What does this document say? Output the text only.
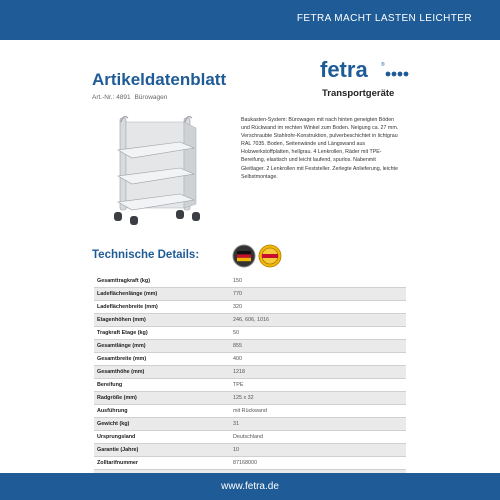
FETRA MACHT LASTEN LEICHTER
Artikeldatenblatt
Art.-Nr.: 4891 Bürowagen
fetra	®
Transportgeräte
Baukasten-System: Bürowagen mit nach hinten geneigten Böden und Rückwand im rechten Winkel zum Boden. Neigung ca. 27 mm. Verschraubte Stahlrohr-Konstruktion, pulverbeschichtet in lichtgrau RAL 7035. Boden, Seitenwände und Längswand aus Holzwerkstoffplatten, hellgrau. 4 Lenkrollen, Räder mit TPE-Bereifung, elastisch und leicht laufend, spurlos. Nabenmit Gleitlager. 2 Lenkrollen mit Feststeller. Zerlegte Anlieferung, leichte Selbstmontage.
Technische Details:
Gesamttragkraft (kg)	150
Ladeflächenlänge (mm)	770
Ladeflächenbreite (mm)	320
Etagenhöhen (mm)	246, 606, 1016
Tragkraft Etage (kg)	50
Gesamtlänge (mm)	855
Gesamtbreite (mm)	400
Gesamthöhe (mm)	1218
Bereifung	TPE
Radgröße (mm)	125 x 32
Ausführung	mit Rückwand
Gewicht (kg)	31
Ursprungsland	Deutschland
Garantie (Jahre)	10
Zolltarifnummer	87168000

www.fetra.de
